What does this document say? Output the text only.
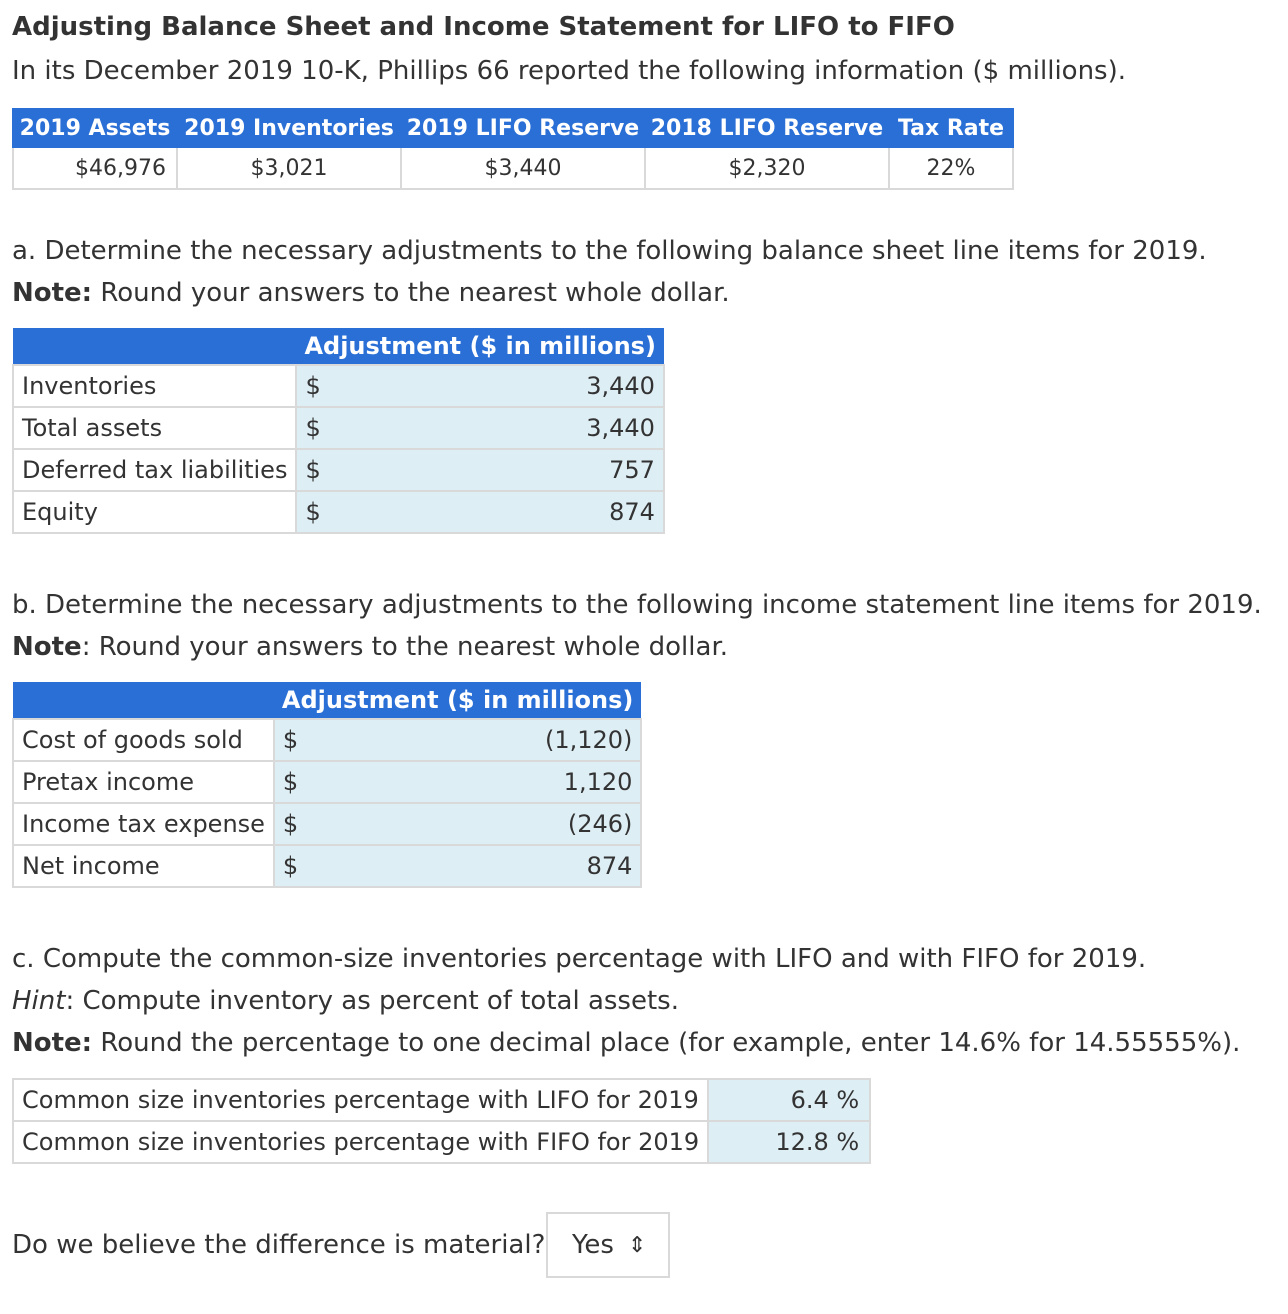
Adjusting Balance Sheet and Income Statement for LIFO to FIFO
In its December 2019 10-K, Phillips 66 reported the following information ($ millions).
2019 Assets	2019 Inventories	2019 LIFO Reserve	2018 LIFO Reserve	Tax Rate
$46,976	$3,021	$3,440	$2,320	22%
a. Determine the necessary adjustments to the following balance sheet line items for 2019.
Note: Round your answers to the nearest whole dollar.
	Adjustment ($ in millions)	
Inventories	$	3,440
Total assets	$	3,440
Deferred tax liabilities	$	757
Equity	$	874
b. Determine the necessary adjustments to the following income statement line items for 2019.
Note: Round your answers to the nearest whole dollar.
	Adjustment ($ in millions)	
Cost of goods sold	$	(1,120)
Pretax income	$	1,120
Income tax expense	$	(246)
Net income	$	874
c. Compute the common-size inventories percentage with LIFO and with FIFO for 2019.
Hint: Compute inventory as percent of total assets.
Note: Round the percentage to one decimal place (for example, enter 14.6% for 14.55555%).
Common size inventories percentage with LIFO for 2019	6.4 %
Common size inventories percentage with FIFO for 2019	12.8 %
Do we believe the difference is material? Yes ⇕
